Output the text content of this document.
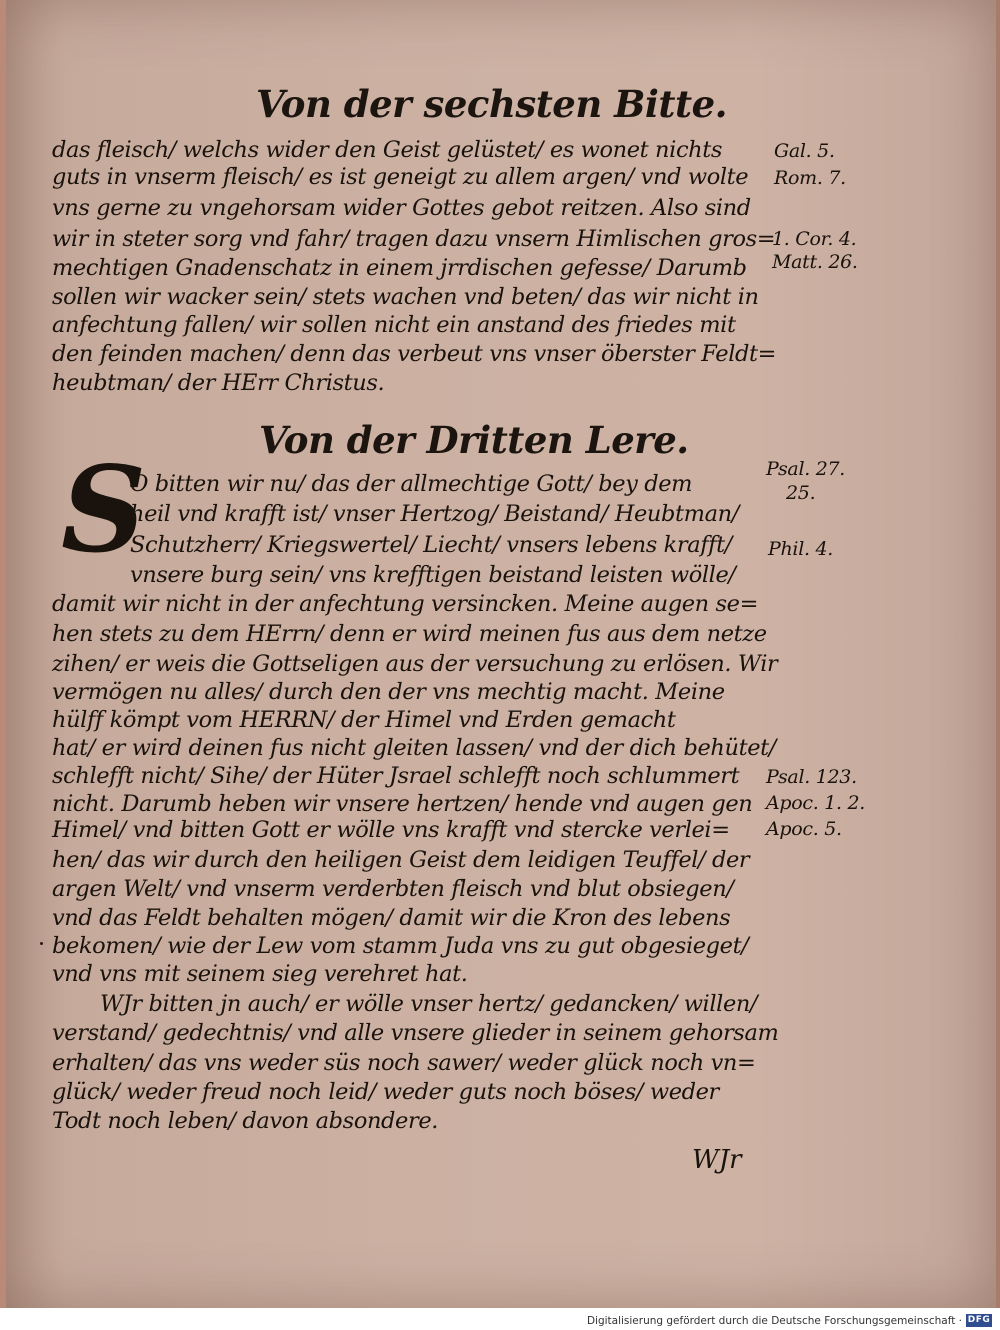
Von der sechsten Bitte.
das fleisch/ welchs wider den Geist gelüstet/ es wonet nichts
guts in vnserm fleisch/ es ist geneigt zu allem argen/ vnd wolte
vns gerne zu vngehorsam wider Gottes gebot reitzen. Also sind
wir in steter sorg vnd fahr/ tragen dazu vnsern Himlischen gros=
mechtigen Gnadenschatz in einem jrrdischen gefesse/ Darumb
sollen wir wacker sein/ stets wachen vnd beten/ das wir nicht in
anfechtung fallen/ wir sollen nicht ein anstand des friedes mit
den feinden machen/ denn das verbeut vns vnser öberster Feldt=
heubtman/ der HErr Christus.
Von der Dritten Lere.
S
O bitten wir nu/ das der allmechtige Gott/ bey dem
heil vnd krafft ist/ vnser Hertzog/ Beistand/ Heubtman/
Schutzherr/ Kriegswertel/ Liecht/ vnsers lebens krafft/
vnsere burg sein/ vns krefftigen beistand leisten wölle/
damit wir nicht in der anfechtung versincken. Meine augen se=
hen stets zu dem HErrn/ denn er wird meinen fus aus dem netze
zihen/ er weis die Gottseligen aus der versuchung zu erlösen. Wir
vermögen nu alles/ durch den der vns mechtig macht. Meine
hülff kömpt vom HERRN/ der Himel vnd Erden gemacht
hat/ er wird deinen fus nicht gleiten lassen/ vnd der dich behütet/
schlefft nicht/ Sihe/ der Hüter Jsrael schlefft noch schlummert
nicht. Darumb heben wir vnsere hertzen/ hende vnd augen gen
Himel/ vnd bitten Gott er wölle vns krafft vnd stercke verlei=
hen/ das wir durch den heiligen Geist dem leidigen Teuffel/ der
argen Welt/ vnd vnserm verderbten fleisch vnd blut obsiegen/
vnd das Feldt behalten mögen/ damit wir die Kron des lebens
bekomen/ wie der Lew vom stamm Juda vns zu gut obgesieget/
vnd vns mit seinem sieg verehret hat.
WJr bitten jn auch/ er wölle vnser hertz/ gedancken/ willen/
verstand/ gedechtnis/ vnd alle vnsere glieder in seinem gehorsam
erhalten/ das vns weder süs noch sawer/ weder glück noch vn=
glück/ weder freud noch leid/ weder guts noch böses/ weder
Todt noch leben/ davon absondere.
WJr
Gal. 5.
Rom. 7.
1. Cor. 4.
Matt. 26.
Psal. 27.
25.
Phil. 4.
Psal. 123.
Apoc. 1. 2.
Apoc. 5.
Digitalisierung gefördert durch die Deutsche Forschungsgemeinschaft · DFG
